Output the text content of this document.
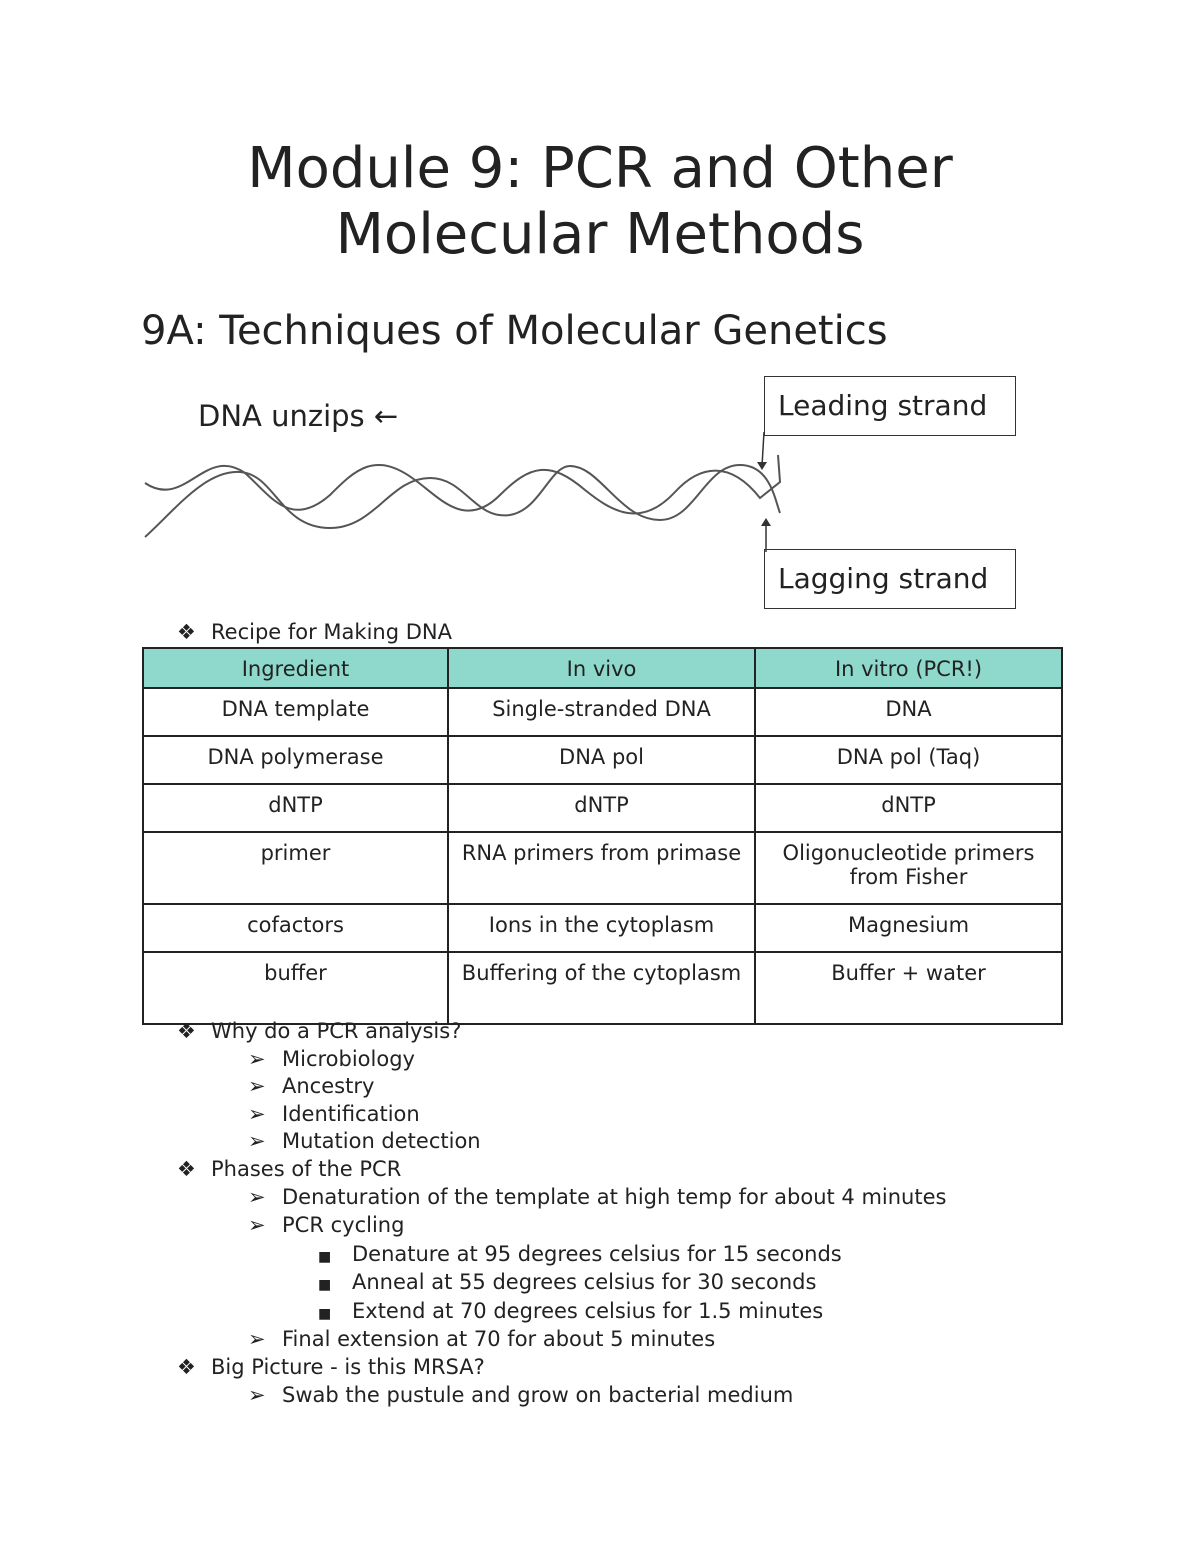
Module 9: PCR and Other
Molecular Methods
9A: Techniques of Molecular Genetics
DNA unzips ←	Leading strand
Lagging strand
❖ Recipe for Making DNA
Ingredient	In vivo	In vitro (PCR!)
DNA template	Single-stranded DNA	DNA
DNA polymerase	DNA pol	DNA pol (Taq)
dNTP	dNTP	dNTP
primer	RNA primers from primase	Oligonucleotide primers from Fisher
cofactors	Ions in the cytoplasm	Magnesium
buffer	Buffering of the cytoplasm	Buffer + water
❖ Why do a PCR analysis?
➢ Microbiology
➢ Ancestry
➢ Identification
➢ Mutation detection
❖ Phases of the PCR
➢ Denaturation of the template at high temp for about 4 minutes
➢ PCR cycling
■ Denature at 95 degrees celsius for 15 seconds
■ Anneal at 55 degrees celsius for 30 seconds
■ Extend at 70 degrees celsius for 1.5 minutes
➢ Final extension at 70 for about 5 minutes
❖ Big Picture - is this MRSA?
➢ Swab the pustule and grow on bacterial medium
